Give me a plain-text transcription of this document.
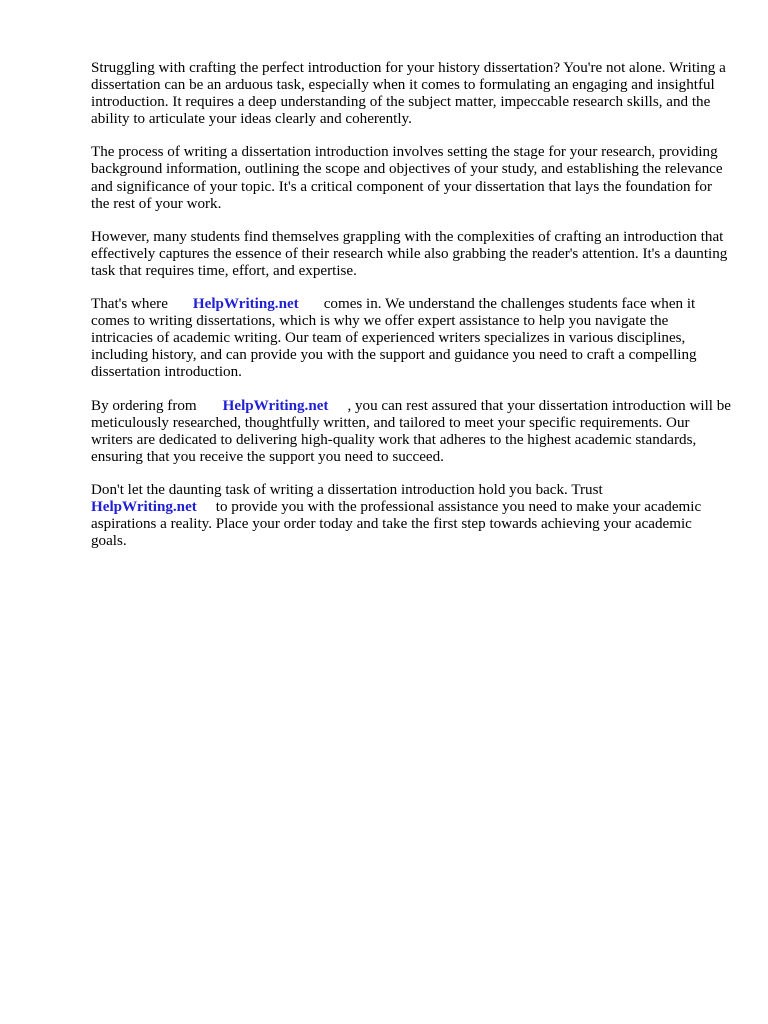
Struggling with crafting the perfect introduction for your history dissertation? You're not alone. Writing a dissertation can be an arduous task, especially when it comes to formulating an engaging and insightful introduction. It requires a deep understanding of the subject matter, impeccable research skills, and the ability to articulate your ideas clearly and coherently.

The process of writing a dissertation introduction involves setting the stage for your research, providing background information, outlining the scope and objectives of your study, and establishing the relevance and significance of your topic. It's a critical component of your dissertation that lays the foundation for the rest of your work.

However, many students find themselves grappling with the complexities of crafting an introduction that effectively captures the essence of their research while also grabbing the reader's attention. It's a daunting task that requires time, effort, and expertise.

That's where HelpWriting.net comes in. We understand the challenges students face when it comes to writing dissertations, which is why we offer expert assistance to help you navigate the intricacies of academic writing. Our team of experienced writers specializes in various disciplines, including history, and can provide you with the support and guidance you need to craft a compelling dissertation introduction.

By ordering from HelpWriting.net , you can rest assured that your dissertation introduction will be meticulously researched, thoughtfully written, and tailored to meet your specific requirements. Our writers are dedicated to delivering high-quality work that adheres to the highest academic standards, ensuring that you receive the support you need to succeed.

Don't let the daunting task of writing a dissertation introduction hold you back. Trust
HelpWriting.net to provide you with the professional assistance you need to make your academic aspirations a reality. Place your order today and take the first step towards achieving your academic goals.
